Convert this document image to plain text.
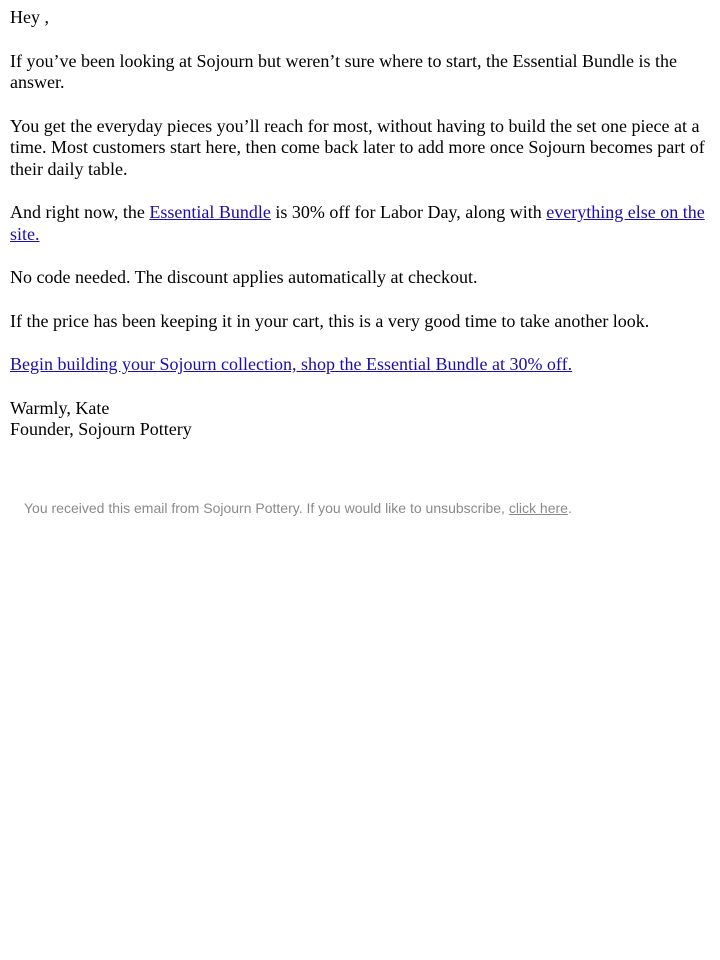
Hey ,

If you’ve been looking at Sojourn but weren’t sure where to start, the Essential Bundle is the answer.

You get the everyday pieces you’ll reach for most, without having to build the set one piece at a time. Most customers start here, then come back later to add more once Sojourn becomes part of their daily table.

And right now, the Essential Bundle is 30% off for Labor Day, along with everything else on the site.

No code needed. The discount applies automatically at checkout.

If the price has been keeping it in your cart, this is a very good time to take another look.

Begin building your Sojourn collection, shop the Essential Bundle at 30% off.

Warmly, Kate
Founder, Sojourn Pottery

You received this email from Sojourn Pottery. If you would like to unsubscribe, click here.
